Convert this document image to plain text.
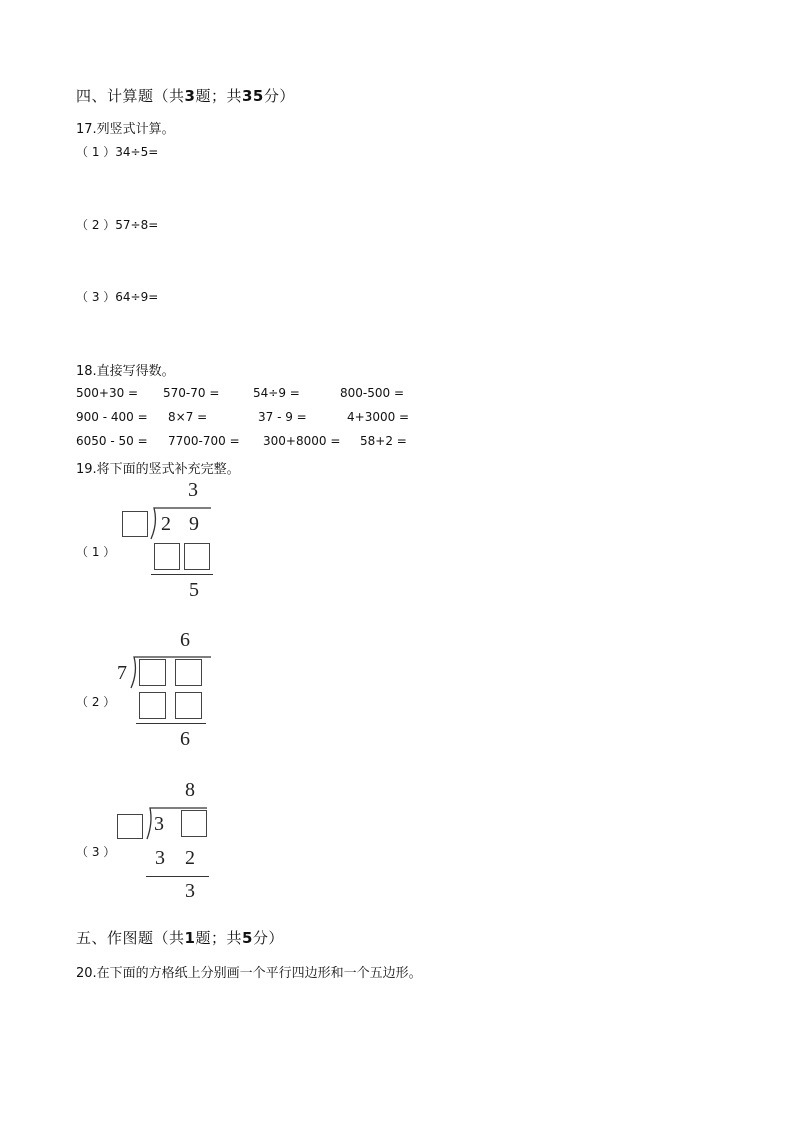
四、计算题（共3题；共35分）
17.列竖式计算。
（ 1 ）34÷5=
（ 2 ）57÷8=
（ 3 ）64÷9=
18.直接写得数。
500+30 = 570-70 =	54÷9 =	800-500 =
900 - 400 = 8×7 =	37 - 9 =	4+3000 =
6050 - 50 = 7700-700 = 300+8000 = 58+2 =
19.将下面的竖式补充完整。
（ 1 ）
3
2 9
5
（ 2 ）
6
7
6
（ 3 ）
8
3
3 2
3
五、作图题（共1题；共5分）
20.在下面的方格纸上分别画一个平行四边形和一个五边形。
